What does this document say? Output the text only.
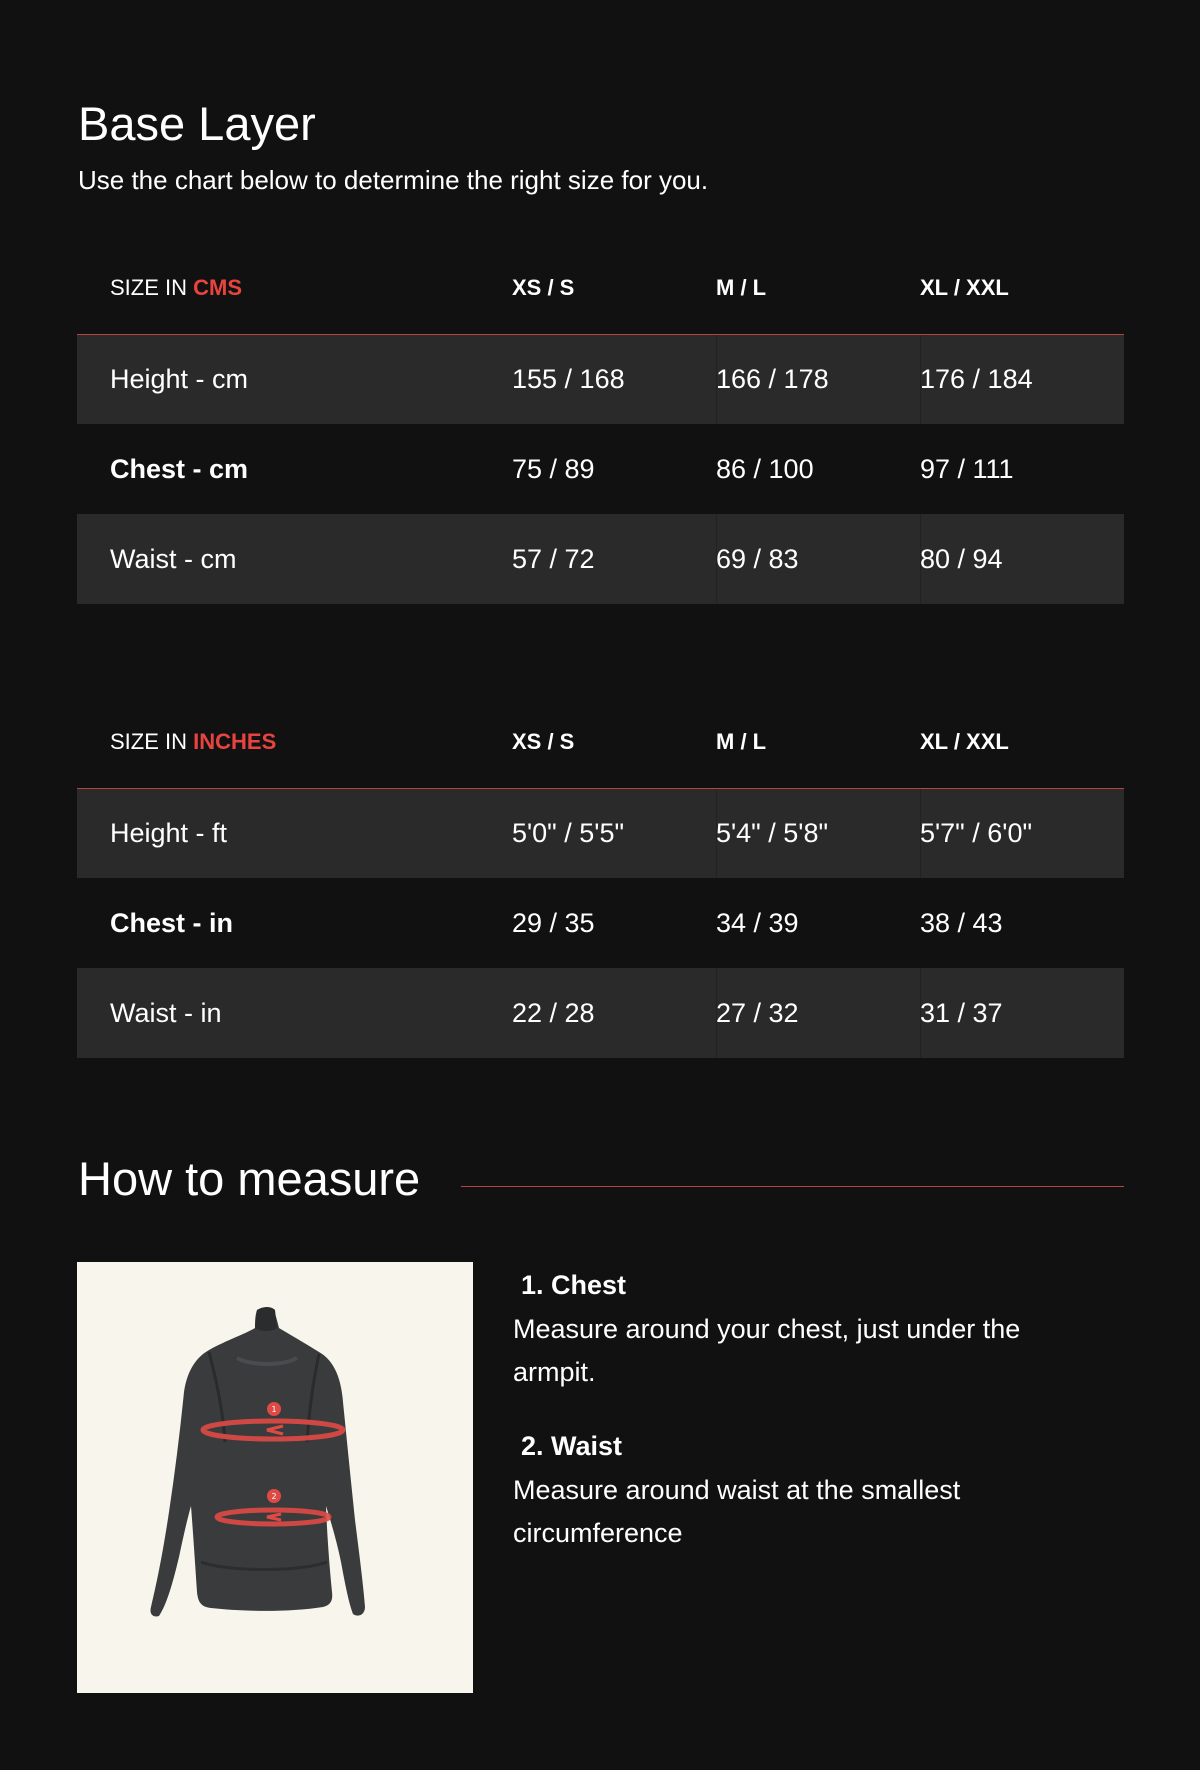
Base Layer

Use the chart below to determine the right size for you.

SIZE IN CMS	XS / S	M / L	XL / XXL
Height - cm	155 / 168	166 / 178	176 / 184
Chest - cm	75 / 89	86 / 100	97 / 111
Waist - cm	57 / 72	69 / 83	80 / 94
SIZE IN INCHES	XS / S	M / L	XL / XXL
Height - ft	5'0" / 5'5"	5'4" / 5'8"	5'7" / 6'0"
Chest - in	29 / 35	34 / 39	38 / 43
Waist - in	22 / 28	27 / 32	31 / 37
How to measure
1
2

1. Chest

Measure around your chest, just under the armpit.

2. Waist

Measure around waist at the smallest circumference
